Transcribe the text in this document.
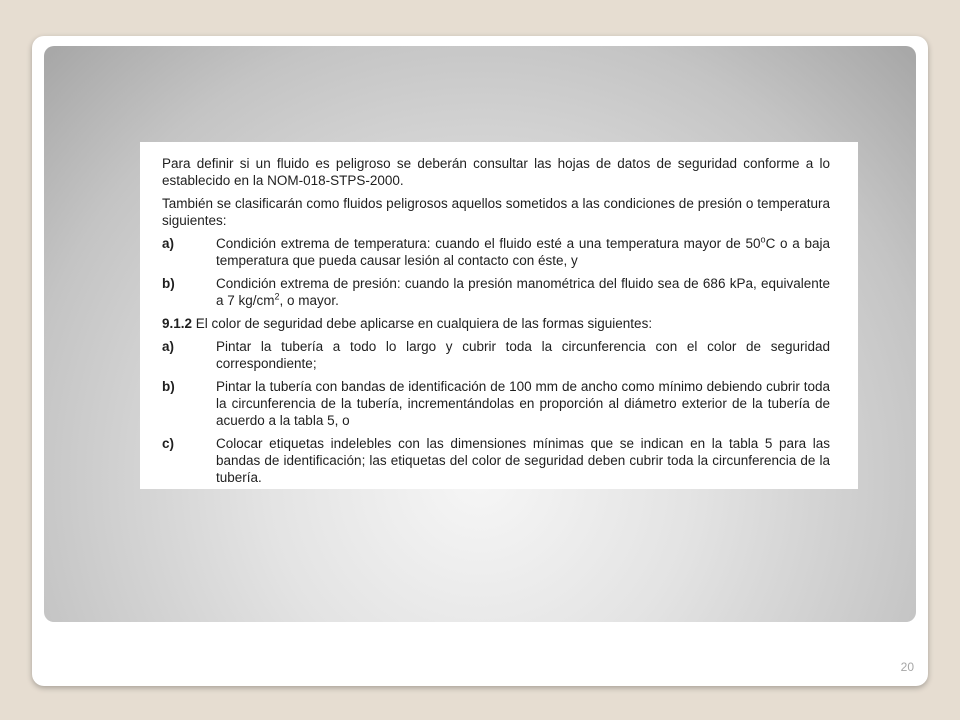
Para definir si un fluido es peligroso se deberán consultar las hojas de datos de seguridad conforme a lo establecido en la NOM-018-STPS-2000.

También se clasificarán como fluidos peligrosos aquellos sometidos a las condiciones de presión o temperatura siguientes:

a)	Condición extrema de temperatura: cuando el fluido esté a una temperatura mayor de 50$^o$C o a baja temperatura que pueda causar lesión al contacto con éste, y
b)	Condición extrema de presión: cuando la presión manométrica del fluido sea de 686 kPa, equivalente a 7 $kg/cm^2$, o mayor.

9.1.2 El color de seguridad debe aplicarse en cualquiera de las formas siguientes:

a)	Pintar la tubería a todo lo largo y cubrir toda la circunferencia con el color de seguridad correspondiente;
b)	Pintar la tubería con bandas de identificación de 100 mm de ancho como mínimo debiendo cubrir toda la circunferencia de la tubería, incrementándolas en proporción al diámetro exterior de la tubería de acuerdo a la tabla 5, o
c)	Colocar etiquetas indelebles con las dimensiones mínimas que se indican en la tabla 5 para las bandas de identificación; las etiquetas del color de seguridad deben cubrir toda la circunferencia de la tubería.
20
